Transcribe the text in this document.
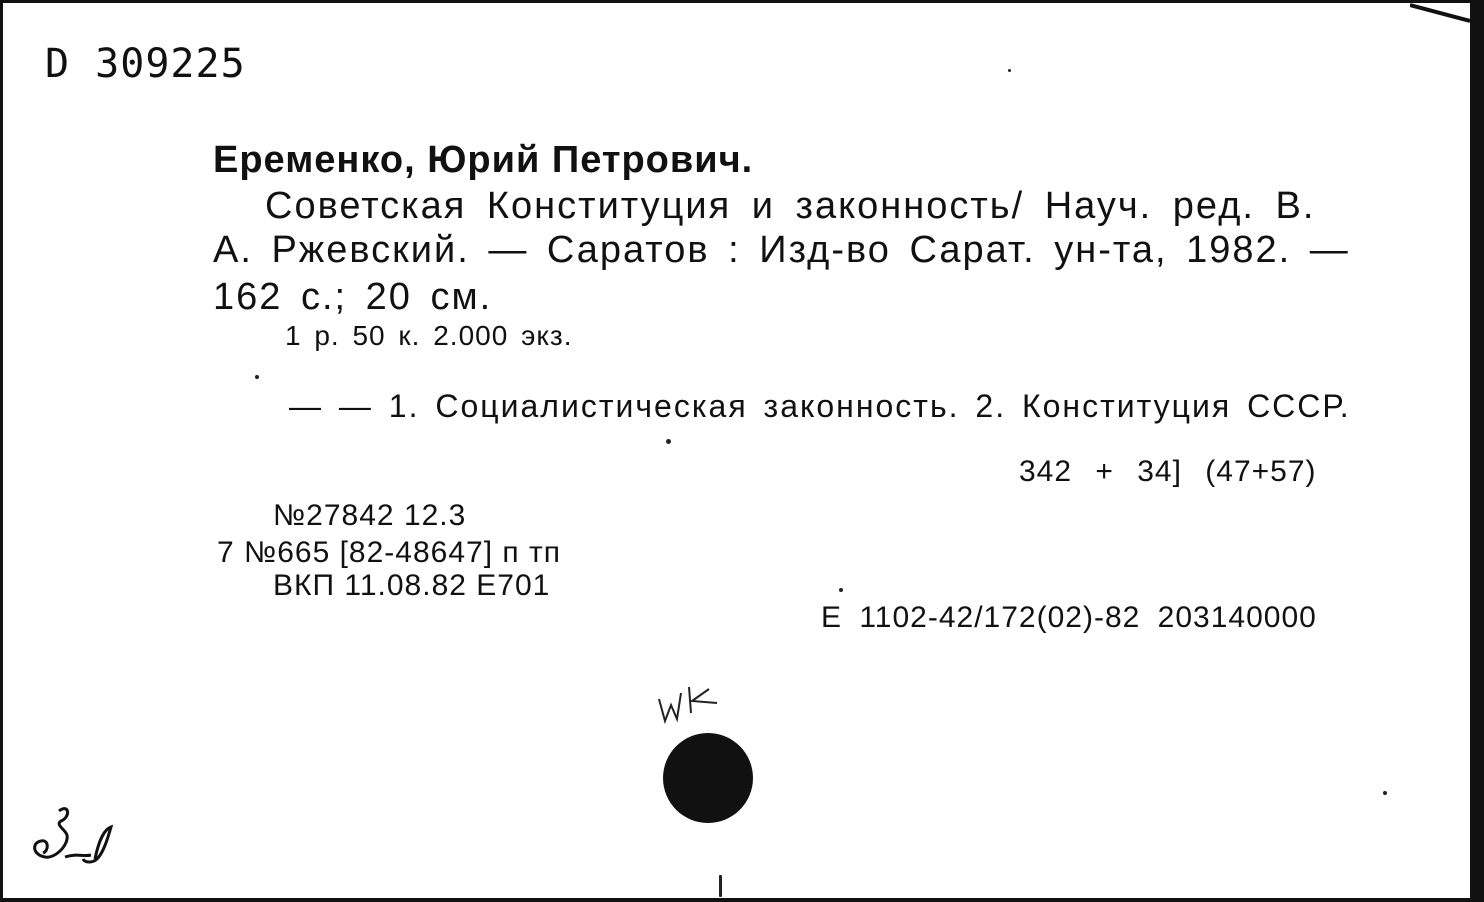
D 309225
Еременко, Юрий Петрович.
Советская Конституция и законность/ Науч. ред. В.
А. Ржевский. — Саратов : Изд-во Сарат. ун-та, 1982. —
162 с.; 20 см.
1 р. 50 к. 2.000 экз.
— — 1. Социалистическая законность. 2. Конституция СССР.
342 + 34] (47+57)
№27842 12.3
7 №665 [82-48647] п тп
ВКП 11.08.82 Е701
Е 1102-42/172(02)-82 203140000
